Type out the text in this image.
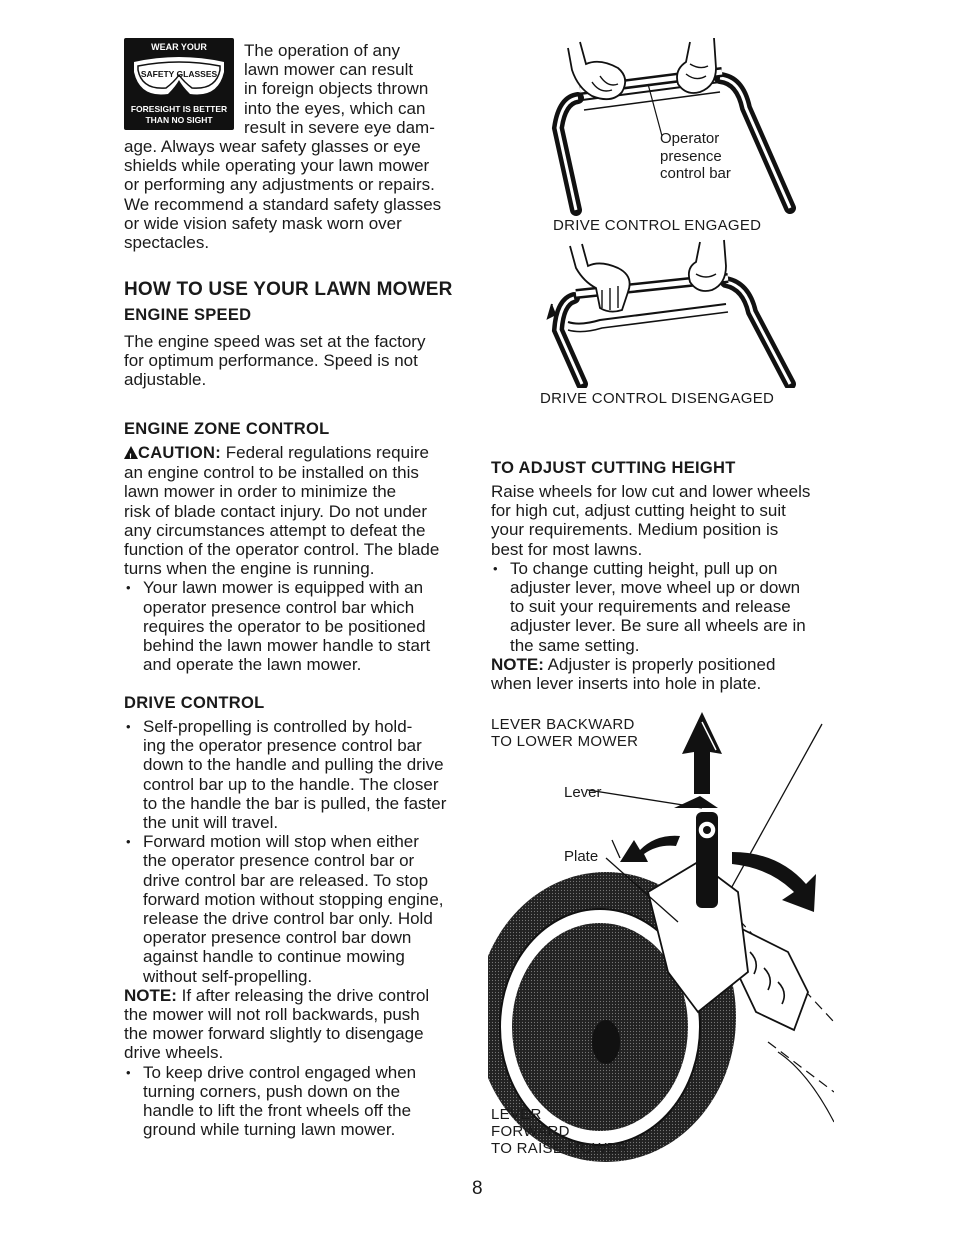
WEAR YOUR
SAFETY GLASSES
FORESIGHT IS BETTER
THAN NO SIGHT
The operation of any
lawn mower can result
in foreign objects thrown
into the eyes, which can
result in severe eye dam-
age. Always wear safety glasses or eye
shields while operating your lawn mower
or performing any adjustments or repairs.
We recommend a standard safety glasses
or wide vision safety mask worn over
spectacles.
HOW TO USE YOUR LAWN MOWER
ENGINE SPEED
The engine speed was set at the factory
for optimum performance. Speed is not
adjustable.
ENGINE ZONE CONTROL
!CAUTION: Federal regulations require
an engine control to be installed on this
lawn mower in order to minimize the
risk of blade contact injury. Do not under
any circumstances attempt to defeat the
function of the operator control. The blade
turns when the engine is running.
• Your lawn mower is equipped with an
operator presence control bar which
requires the operator to be positioned
behind the lawn mower handle to start
and operate the lawn mower.
DRIVE CONTROL
• Self-propelling is controlled by hold-
ing the operator presence control bar
down to the handle and pulling the drive
control bar up to the handle. The closer
to the handle the bar is pulled, the faster
the unit will travel.
• Forward motion will stop when either
the operator presence control bar or
drive control bar are released. To stop
forward motion without stopping engine,
release the drive control bar only. Hold
operator presence control bar down
against handle to continue mowing
without self-propelling.
NOTE: If after releasing the drive control
the mower will not roll backwards, push
the mower forward slightly to disengage
drive wheels.
• To keep drive control engaged when
turning corners, push down on the
handle to lift the front wheels off the
ground while turning lawn mower.
Operator
presence
control bar
DRIVE CONTROL ENGAGED
DRIVE CONTROL DISENGAGED
TO ADJUST CUTTING HEIGHT
Raise wheels for low cut and lower wheels
for high cut, adjust cutting height to suit
your requirements. Medium position is
best for most lawns.
• To change cutting height, pull up on
adjuster lever, move wheel up or down
to suit your requirements and release
adjuster lever. Be sure all wheels are in
the same setting.
NOTE: Adjuster is properly positioned
when lever inserts into hole in plate.
LEVER BACKWARD
TO LOWER MOWER
Lever
Plate
LEVER
FORWARD
TO RAISE MOWER
8
